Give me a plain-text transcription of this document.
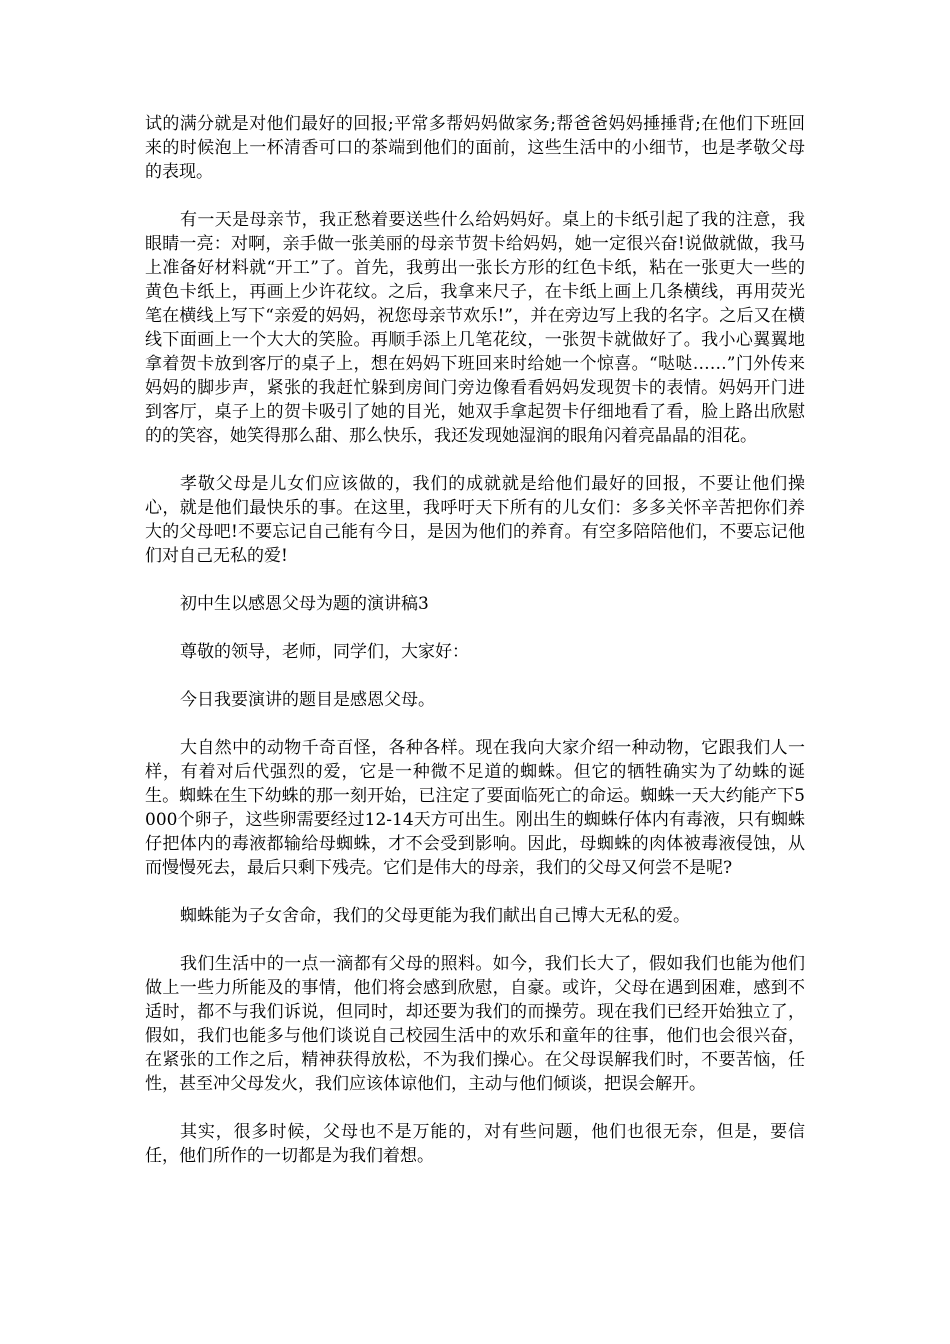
试的满分就是对他们最好的回报;平常多帮妈妈做家务;帮爸爸妈妈捶捶背;在他们下班回来的时候泡上一杯清香可口的茶端到他们的面前，这些生活中的小细节，也是孝敬父母的表现。

有一天是母亲节，我正愁着要送些什么给妈妈好。桌上的卡纸引起了我的注意，我眼睛一亮：对啊，亲手做一张美丽的母亲节贺卡给妈妈，她一定很兴奋!说做就做，我马上准备好材料就“开工”了。首先，我剪出一张长方形的红色卡纸，粘在一张更大一些的黄色卡纸上，再画上少许花纹。之后，我拿来尺子，在卡纸上画上几条横线，再用荧光笔在横线上写下“亲爱的妈妈，祝您母亲节欢乐!”，并在旁边写上我的名字。之后又在横线下面画上一个大大的笑脸。再顺手添上几笔花纹，一张贺卡就做好了。我小心翼翼地拿着贺卡放到客厅的桌子上，想在妈妈下班回来时给她一个惊喜。“哒哒……”门外传来妈妈的脚步声，紧张的我赶忙躲到房间门旁边像看看妈妈发现贺卡的表情。妈妈开门进到客厅，桌子上的贺卡吸引了她的目光，她双手拿起贺卡仔细地看了看，脸上路出欣慰的的笑容，她笑得那么甜、那么快乐，我还发现她湿润的眼角闪着亮晶晶的泪花。

孝敬父母是儿女们应该做的，我们的成就就是给他们最好的回报，不要让他们操心，就是他们最快乐的事。在这里，我呼吁天下所有的儿女们：多多关怀辛苦把你们养大的父母吧!不要忘记自己能有今日，是因为他们的养育。有空多陪陪他们，不要忘记他们对自己无私的爱!

初中生以感恩父母为题的演讲稿3

尊敬的领导，老师，同学们，大家好：

今日我要演讲的题目是感恩父母。

大自然中的动物千奇百怪，各种各样。现在我向大家介绍一种动物，它跟我们人一样，有着对后代强烈的爱，它是一种微不足道的蜘蛛。但它的牺牲确实为了幼蛛的诞生。蜘蛛在生下幼蛛的那一刻开始，已注定了要面临死亡的命运。蜘蛛一天大约能产下5000个卵子，这些卵需要经过12-14天方可出生。刚出生的蜘蛛仔体内有毒液，只有蜘蛛仔把体内的毒液都输给母蜘蛛，才不会受到影响。因此，母蜘蛛的肉体被毒液侵蚀，从而慢慢死去，最后只剩下残壳。它们是伟大的母亲，我们的父母又何尝不是呢?

蜘蛛能为子女舍命，我们的父母更能为我们献出自己博大无私的爱。

我们生活中的一点一滴都有父母的照料。如今，我们长大了，假如我们也能为他们做上一些力所能及的事情，他们将会感到欣慰，自豪。或许，父母在遇到困难，感到不适时，都不与我们诉说，但同时，却还要为我们的而操劳。现在我们已经开始独立了，假如，我们也能多与他们谈说自己校园生活中的欢乐和童年的往事，他们也会很兴奋，在紧张的工作之后，精神获得放松，不为我们操心。在父母误解我们时，不要苦恼，任性，甚至冲父母发火，我们应该体谅他们，主动与他们倾谈，把误会解开。

其实，很多时候，父母也不是万能的，对有些问题，他们也很无奈，但是，要信任，他们所作的一切都是为我们着想。
